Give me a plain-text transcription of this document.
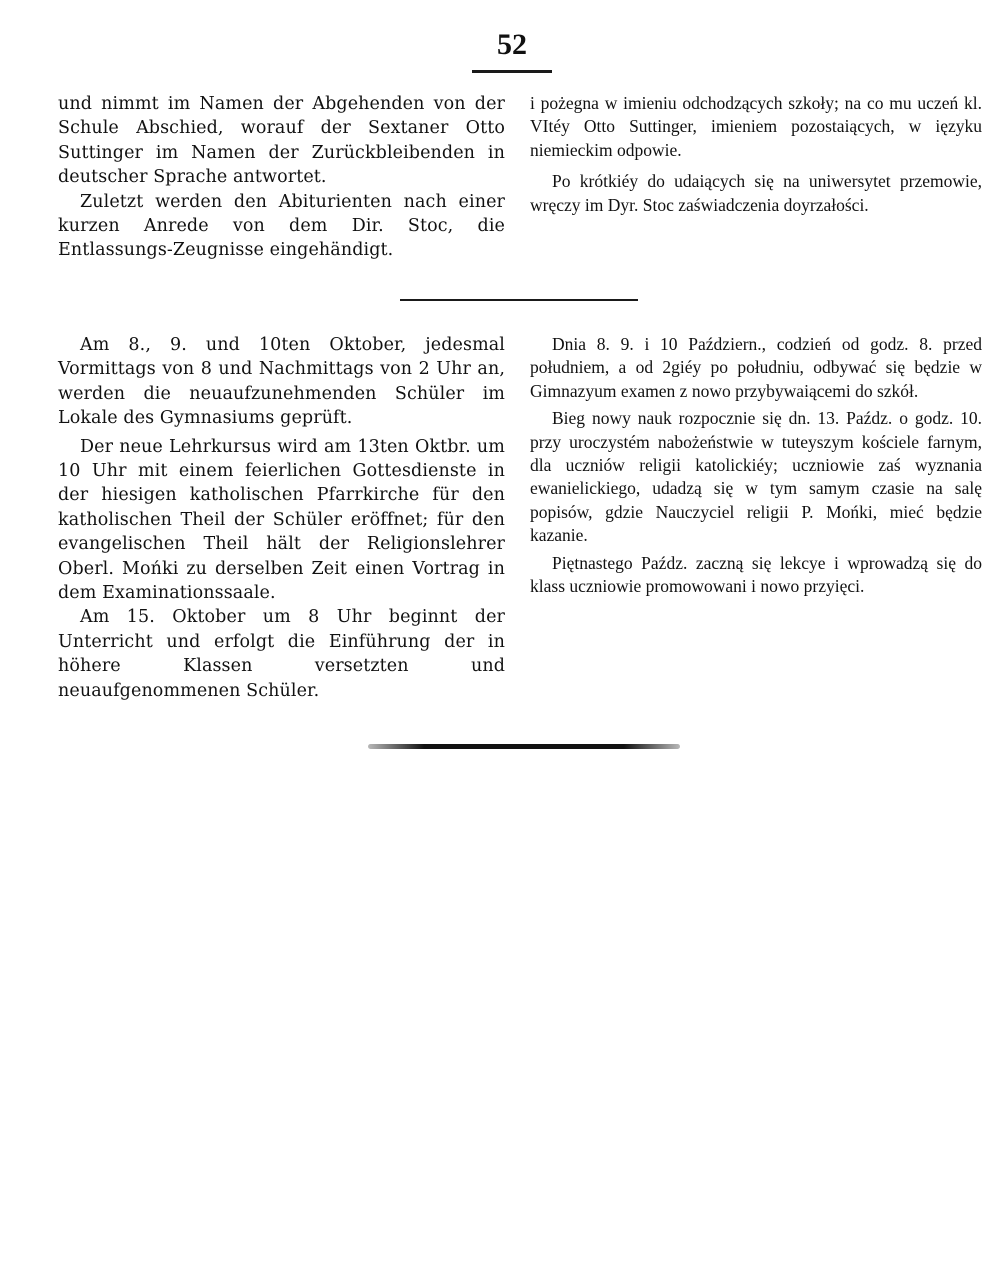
52

und nimmt im Namen der Abgehenden von der Schule Abschied, worauf der Sextaner Otto Suttinger im Namen der Zurückbleibenden in deutscher Sprache antwortet.

Zuletzt werden den Abiturienten nach einer kurzen Anrede von dem Dir. Stoc, die Entlassungs-Zeugnisse eingehändigt.

i pożegna w imieniu odchodzących szkoły; na co mu uczeń kl. VItéy Otto Suttinger, imieniem pozostaiących, w ięzyku niemieckim odpowie.

Po krótkiéy do udaiących się na uniwersytet przemowie, wręczy im Dyr. Stoc zaświadczenia doyrzałości.

Am 8., 9. und 10ten Oktober, jedesmal Vormittags von 8 und Nachmittags von 2 Uhr an, werden die neuaufzunehmenden Schüler im Lokale des Gymnasiums geprüft.

Der neue Lehrkursus wird am 13ten Oktbr. um 10 Uhr mit einem feierlichen Gottesdienste in der hiesigen katholischen Pfarrkirche für den katholischen Theil der Schüler eröffnet; für den evangelischen Theil hält der Religionslehrer Oberl. Mońki zu derselben Zeit einen Vortrag in dem Examinationssaale.

Am 15. Oktober um 8 Uhr beginnt der Unterricht und erfolgt die Einführung der in höhere Klassen versetzten und neuaufgenommenen Schüler.

Dnia 8. 9. i 10 Październ., codzień od godz. 8. przed południem, a od 2giéy po południu, odbywać się będzie w Gimnazyum examen z nowo przybywaiącemi do szkół.

Bieg nowy nauk rozpocznie się dn. 13. Paźdz. o godz. 10. przy uroczystém nabożeństwie w tuteyszym kościele farnym, dla uczniów religii katolickiéy; uczniowie zaś wyznania ewanielickiego, udadzą się w tym samym czasie na salę popisów, gdzie Nauczyciel religii P. Mońki, mieć będzie kazanie.

Piętnastego Paźdz. zaczną się lekcye i wprowadzą się do klass uczniowie promowowani i nowo przyięci.
